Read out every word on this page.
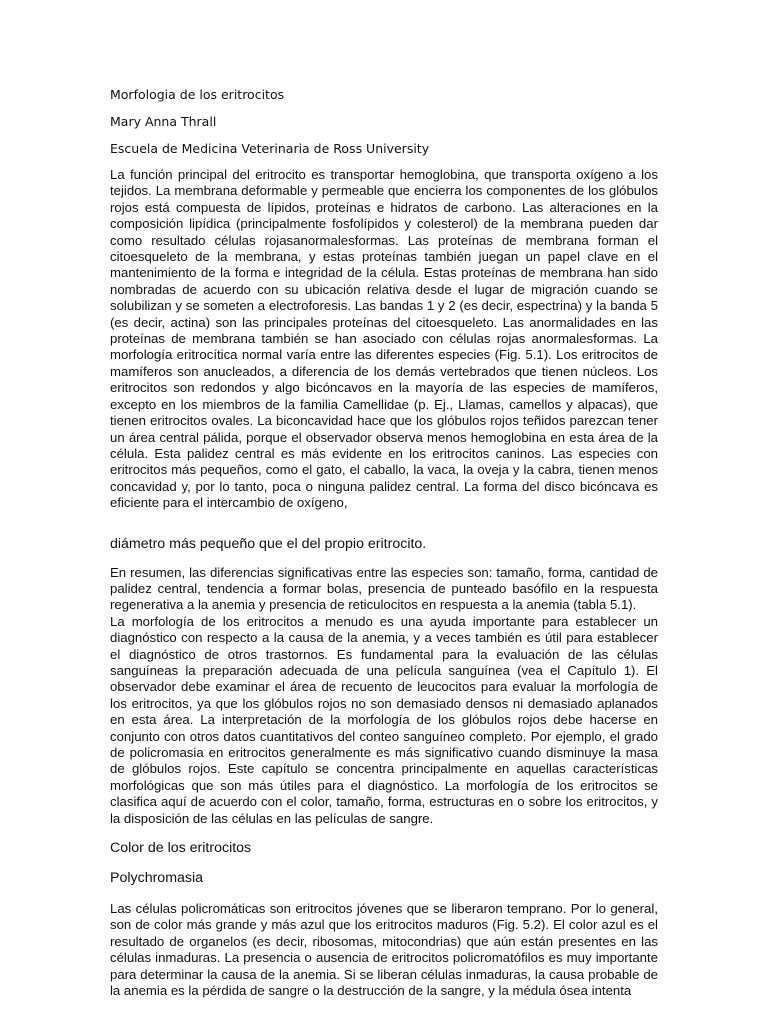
Morfologia de los eritrocitos
Mary Anna Thrall
Escuela de Medicina Veterinaria de Ross University

La función principal del eritrocito es transportar hemoglobina, que transporta oxígeno a los tejidos. La membrana deformable y permeable que encierra los componentes de los glóbulos rojos está compuesta de lípidos, proteínas e hidratos de carbono. Las alteraciones en la composición lipídica (principalmente fosfolípidos y colesterol) de la membrana pueden dar como resultado células rojasanormalesformas. Las proteínas de membrana forman el citoesqueleto de la membrana, y estas proteínas también juegan un papel clave en el mantenimiento de la forma e integridad de la célula. Estas proteínas de membrana han sido nombradas de acuerdo con su ubicación relativa desde el lugar de migración cuando se solubilizan y se someten a electroforesis. Las bandas 1 y 2 (es decir, espectrina) y la banda 5 (es decir, actina) son las principales proteínas del citoesqueleto. Las anormalidades en las proteínas de membrana también se han asociado con células rojas anormalesformas. La morfología eritrocítica normal varía entre las diferentes especies (Fig. 5.1). Los eritrocitos de mamíferos son anucleados, a diferencia de los demás vertebrados que tienen núcleos. Los eritrocitos son redondos y algo bicóncavos en la mayoría de las especies de mamíferos, excepto en los miembros de la familia Camellidae (p. Ej., Llamas, camellos y alpacas), que tienen eritrocitos ovales. La biconcavidad hace que los glóbulos rojos teñidos parezcan tener un área central pálida, porque el observador observa menos hemoglobina en esta área de la célula. Esta palidez central es más evidente en los eritrocitos caninos. Las especies con eritrocitos más pequeños, como el gato, el caballo, la vaca, la oveja y la cabra, tienen menos concavidad y, por lo tanto, poca o ninguna palidez central. La forma del disco bicóncava es eficiente para el intercambio de oxígeno,

diámetro más pequeño que el del propio eritrocito.

En resumen, las diferencias significativas entre las especies son: tamaño, forma, cantidad de palidez central, tendencia a formar bolas, presencia de punteado basófilo en la respuesta regenerativa a la anemia y presencia de reticulocitos en respuesta a la anemia (tabla 5.1).

La morfología de los eritrocitos a menudo es una ayuda importante para establecer un diagnóstico con respecto a la causa de la anemia, y a veces también es útil para establecer el diagnóstico de otros trastornos. Es fundamental para la evaluación de las células sanguíneas la preparación adecuada de una película sanguínea (vea el Capítulo 1). El observador debe examinar el área de recuento de leucocitos para evaluar la morfología de los eritrocitos, ya que los glóbulos rojos no son demasiado densos ni demasiado aplanados en esta área. La interpretación de la morfología de los glóbulos rojos debe hacerse en conjunto con otros datos cuantitativos del conteo sanguíneo completo. Por ejemplo, el grado de policromasia en eritrocitos generalmente es más significativo cuando disminuye la masa de glóbulos rojos. Este capítulo se concentra principalmente en aquellas características morfológicas que son más útiles para el diagnóstico. La morfología de los eritrocitos se clasifica aquí de acuerdo con el color, tamaño, forma, estructuras en o sobre los eritrocitos, y la disposición de las células en las películas de sangre.

Color de los eritrocitos
Polychromasia

Las células policromáticas son eritrocitos jóvenes que se liberaron temprano. Por lo general, son de color más grande y más azul que los eritrocitos maduros (Fig. 5.2). El color azul es el resultado de organelos (es decir, ribosomas, mitocondrias) que aún están presentes en las células inmaduras. La presencia o ausencia de eritrocitos policromatófilos es muy importante para determinar la causa de la anemia. Si se liberan células inmaduras, la causa probable de la anemia es la pérdida de sangre o la destrucción de la sangre, y la médula ósea intenta
